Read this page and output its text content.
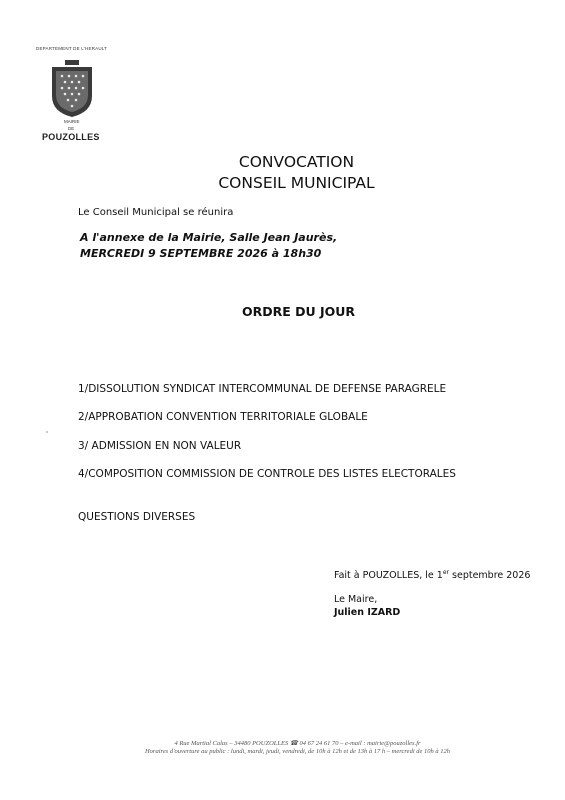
DEPARTEMENT DE L'HERAULT
MAIRIE
DE
POUZOLLES
CONVOCATION
CONSEIL MUNICIPAL
Le Conseil Municipal se réunira
A l'annexe de la Mairie, Salle Jean Jaurès,
MERCREDI 9 SEPTEMBRE 2026 à 18h30
ORDRE DU JOUR
1/DISSOLUTION SYNDICAT INTERCOMMUNAL DE DEFENSE PARAGRELE
2/APPROBATION CONVENTION TERRITORIALE GLOBALE
3/ ADMISSION EN NON VALEUR
4/COMPOSITION COMMISSION DE CONTROLE DES LISTES ELECTORALES
QUESTIONS DIVERSES
Fait à POUZOLLES, le 1er septembre 2026
Le Maire,
Julien IZARD
4 Rue Martial Calas – 34480 POUZOLLES ☎ 04 67 24 61 70 – e-mail : mairie@pouzolles.fr
Horaires d'ouverture au public : lundi, mardi, jeudi, vendredi, de 10h à 12h et de 13h à 17 h – mercredi de 10h à 12h
